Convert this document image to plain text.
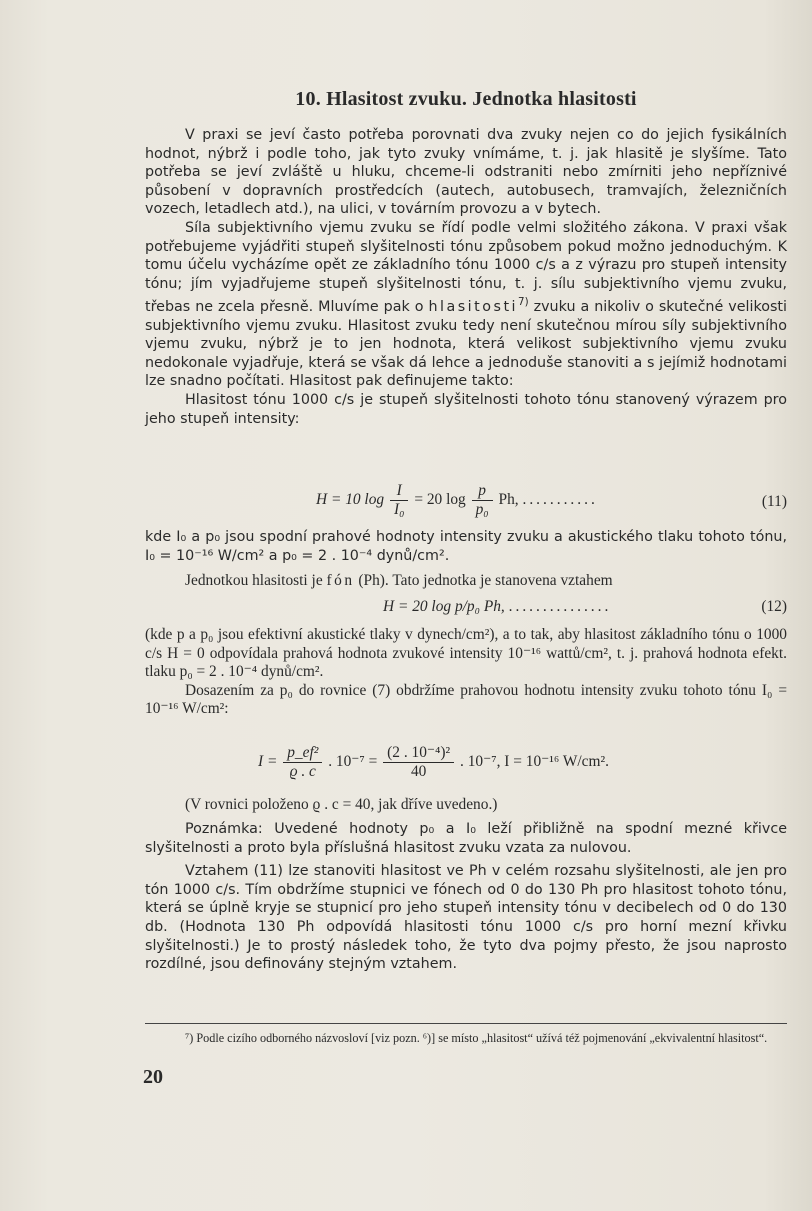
10. Hlasitost zvuku. Jednotka hlasitosti

V praxi se jeví často potřeba porovnati dva zvuky nejen co do jejich fysikálních hodnot, nýbrž i podle toho, jak tyto zvuky vnímáme, t. j. jak hlasitě je slyšíme. Tato potřeba se jeví zvláště u hluku, chceme-li odstraniti nebo zmírniti jeho nepříznivé působení v dopravních prostředcích (autech, autobusech, tramvajích, železničních vozech, letadlech atd.), na ulici, v továrním provozu a v bytech.

Síla subjektivního vjemu zvuku se řídí podle velmi složitého zákona. V praxi však potřebujeme vyjádřiti stupeň slyšitelnosti tónu způsobem pokud možno jednoduchým. K tomu účelu vycházíme opět ze základního tónu 1000 c/s a z výrazu pro stupeň intensity tónu; jím vyjadřujeme stupeň slyšitelnosti tónu, t. j. sílu subjektivního vjemu zvuku, třebas ne zcela přesně. Mluvíme pak o hlasitosti$^{7)}$ zvuku a nikoliv o skutečné velikosti subjektivního vjemu zvuku. Hlasitost zvuku tedy není skutečnou mírou síly subjektivního vjemu zvuku, nýbrž je to jen hodnota, která velikost subjektivního vjemu zvuku nedokonale vyjadřuje, která se však dá lehce a jednoduše stanoviti a s jejímiž hodnotami lze snadno počítati. Hlasitost pak definujeme takto:

Hlasitost tónu 1000 c/s je stupeň slyšitelnosti tohoto tónu stanovený výrazem pro jeho stupeň intensity:

H = 10 $\log \frac{I}{\text{I₀}} = 20$ $\log \frac{p}{\text{p₀}} Ph$, ...........	(11)

kde I₀ a p₀ jsou spodní prahové hodnoty intensity zvuku a akustického tlaku tohoto tónu, I₀ = 10⁻¹⁶ W/cm² a p₀ = 2 . 10⁻⁴ dynů/cm².

Jednotkou hlasitosti je fón (Ph). Tato jednotka je stanovena vztahem

H = 20 log p/p₀ Ph, ...............	(12)

(kde p a p₀ jsou efektivní akustické tlaky v dynech/cm²), a to tak, aby hlasitost základního tónu o 1000 c/s H = 0 odpovídala prahová hodnota zvukové intensity 10⁻¹⁶ wattů/cm², t. j. prahová hodnota efekt. tlaku p₀ = 2 . 10⁻⁴ dynů/cm².

Dosazením za p₀ do rovnice (7) obdržíme prahovou hodnotu intensity zvuku tohoto tónu I₀ = 10⁻¹⁶ W/cm²:

$I = \frac{\text{p\_ef²}}{ϱ . c}$ . $10^{-7} = \frac{\text{(2 . 10⁻⁴)²}}{40}$ . 10⁻⁷, I = 10⁻¹⁶ W/cm².

(V rovnici položeno ϱ . c = 40, jak dříve uvedeno.)

Poznámka: Uvedené hodnoty p₀ a I₀ leží přibližně na spodní mezné křivce slyšitelnosti a proto byla příslušná hlasitost zvuku vzata za nulovou.

Vztahem (11) lze stanoviti hlasitost ve Ph v celém rozsahu slyšitelnosti, ale jen pro tón 1000 c/s. Tím obdržíme stupnici ve fónech od 0 do 130 Ph pro hlasitost tohoto tónu, která se úplně kryje se stupnicí pro jeho stupeň intensity tónu v decibelech od 0 do 130 db. (Hodnota 130 Ph odpovídá hlasitosti tónu 1000 c/s pro horní mezní křivku slyšitelnosti.) Je to prostý následek toho, že tyto dva pojmy přesto, že jsou naprosto rozdílné, jsou definovány stejným vztahem.

⁷) Podle cizího odborného názvosloví [viz pozn. ⁶)] se místo „hlasitost“ užívá též pojmenování „ekvivalentní hlasitost“.

20
